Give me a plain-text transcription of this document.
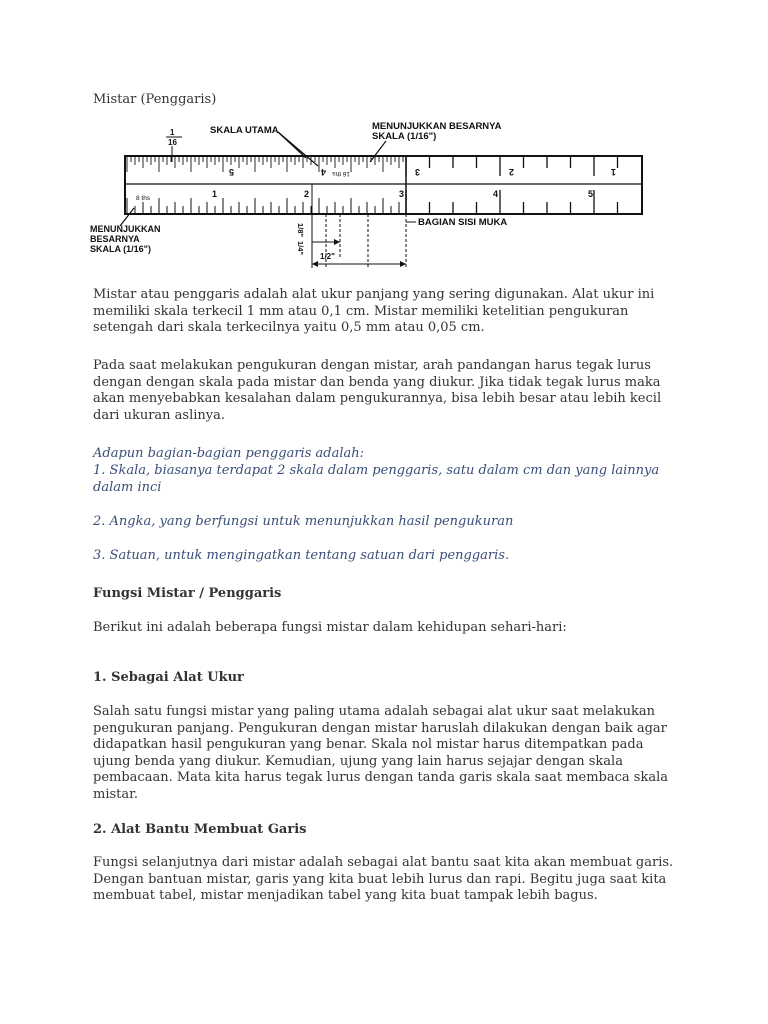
Mistar (Penggaris)

1
16
SKALA UTAMA	MENUNJUKKAN BESARNYA
SKALA (1/16")
1	2	3	4	5
5	4	3	2	1
16 ths
8 ths
MENUNJUKKAN
BESARNYA
SKALA (1/16")
BAGIAN SISI MUKA
1/8"
1/4"
1/2"

Mistar atau penggaris adalah alat ukur panjang yang sering digunakan. Alat ukur ini memiliki skala terkecil 1 mm atau 0,1 cm. Mistar memiliki ketelitian pengukuran setengah dari skala terkecilnya yaitu 0,5 mm atau 0,05 cm.

Pada saat melakukan pengukuran dengan mistar, arah pandangan harus tegak lurus dengan dengan skala pada mistar dan benda yang diukur. Jika tidak tegak lurus maka akan menyebabkan kesalahan dalam pengukurannya, bisa lebih besar atau lebih kecil dari ukuran aslinya.

Adapun bagian-bagian penggaris adalah:

1. Skala, biasanya terdapat 2 skala dalam penggaris, satu dalam cm dan yang lainnya dalam inci

2. Angka, yang berfungsi untuk menunjukkan hasil pengukuran

3. Satuan, untuk mengingatkan tentang satuan dari penggaris.

Fungsi Mistar / Penggaris

Berikut ini adalah beberapa fungsi mistar dalam kehidupan sehari-hari:

1. Sebagai Alat Ukur

Salah satu fungsi mistar yang paling utama adalah sebagai alat ukur saat melakukan pengukuran panjang. Pengukuran dengan mistar haruslah dilakukan dengan baik agar didapatkan hasil pengukuran yang benar. Skala nol mistar harus ditempatkan pada ujung benda yang diukur. Kemudian, ujung yang lain harus sejajar dengan skala pembacaan. Mata kita harus tegak lurus dengan tanda garis skala saat membaca skala mistar.

2. Alat Bantu Membuat Garis

Fungsi selanjutnya dari mistar adalah sebagai alat bantu saat kita akan membuat garis. Dengan bantuan mistar, garis yang kita buat lebih lurus dan rapi. Begitu juga saat kita membuat tabel, mistar menjadikan tabel yang kita buat tampak lebih bagus.
